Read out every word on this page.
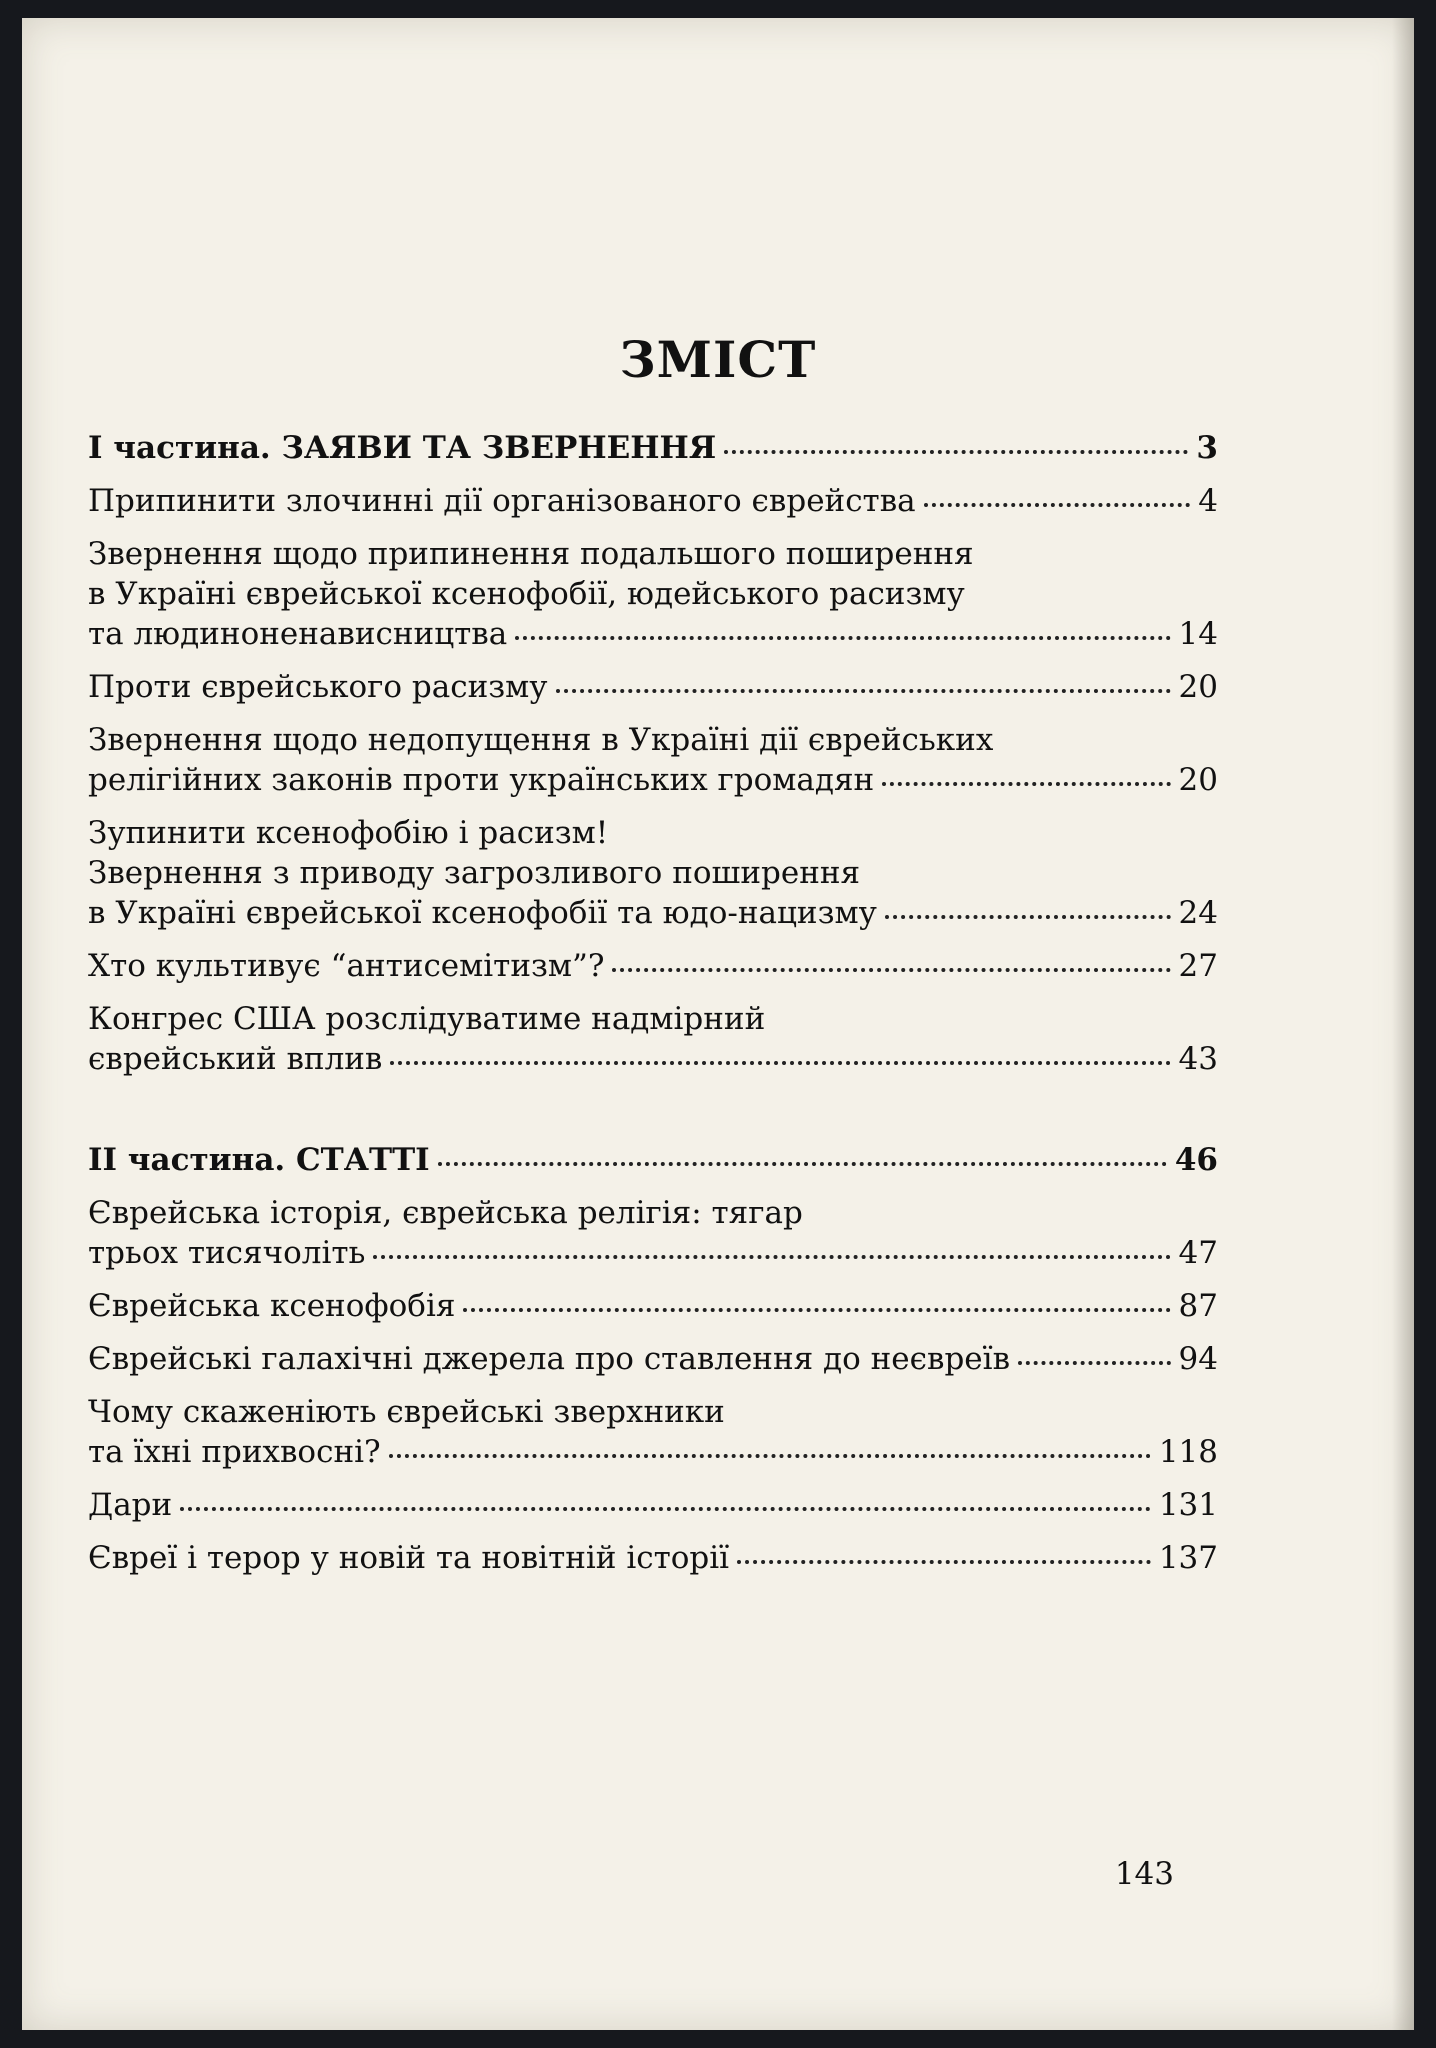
ЗМІСТ
І частина. ЗАЯВИ ТА ЗВЕРНЕННЯ	3
Припинити злочинні дії організованого єврейства	4
Звернення щодо припинення подальшого поширення
в Україні єврейської ксенофобії, юдейського расизму
та людиноненависництва	14
Проти єврейського расизму	20
Звернення щодо недопущення в Україні дії єврейських
релігійних законів проти українських громадян	20
Зупинити ксенофобію і расизм!
Звернення з приводу загрозливого поширення
в Україні єврейської ксенофобії та юдо-нацизму	24
Хто культивує “антисемітизм”?	27
Конгрес США розслідуватиме надмірний
єврейський вплив	43
ІІ частина. СТАТТІ	46
Єврейська історія, єврейська релігія: тягар
трьох тисячоліть	47
Єврейська ксенофобія	87
Єврейські галахічні джерела про ставлення до неєвреїв	94
Чому скаженіють єврейські зверхники
та їхні прихвосні?	118
Дари	131
Євреї і терор у новій та новітній історії	137
143
